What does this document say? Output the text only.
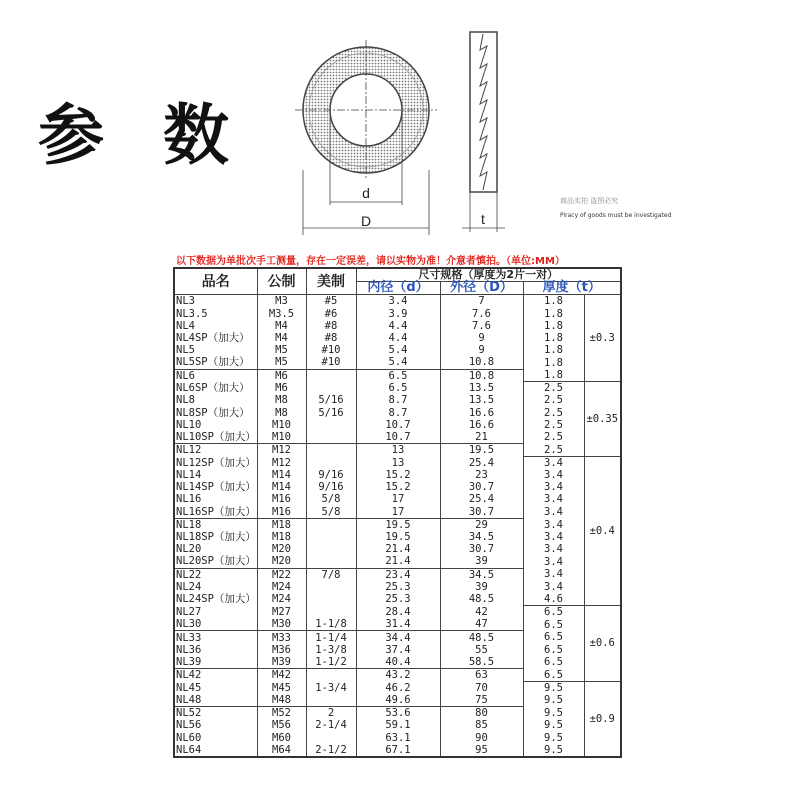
参 数
d
D	t
以下数据为单批次手工测量，存在一定误差，请以实物为准！介意者慎拍。（单位:MM）
品名	公制	美制	尺寸规格（厚度为2片一对）			
			内径（d）	外径（D）	厚度（t）	
NL3	M3	#5	3.4	7	1.8	±0.3
NL3.5	M3.5	#6	3.9	7.6	1.8	
NL4	M4	#8	4.4	7.6	1.8	
NL4SP（加大）	M4	#8	4.4	9	1.8	
NL5	M5	#10	5.4	9	1.8	
NL5SP（加大）	M5	#10	5.4	10.8	1.8	
NL6	M6		6.5	10.8	1.8	
NL6SP（加大）	M6		6.5	13.5	2.5	±0.35
NL8	M8	5/16	8.7	13.5	2.5	
NL8SP（加大）	M8	5/16	8.7	16.6	2.5	
NL10	M10		10.7	16.6	2.5	
NL10SP（加大）	M10		10.7	21	2.5	
NL12	M12		13	19.5	2.5	
NL12SP（加大）	M12		13	25.4	3.4	±0.4
NL14	M14	9/16	15.2	23	3.4	
NL14SP（加大）	M14	9/16	15.2	30.7	3.4	
NL16	M16	5/8	17	25.4	3.4	
NL16SP（加大）	M16	5/8	17	30.7	3.4	
NL18	M18		19.5	29	3.4	
NL18SP（加大）	M18		19.5	34.5	3.4	
NL20	M20		21.4	30.7	3.4	
NL20SP（加大）	M20		21.4	39	3.4	
NL22	M22	7/8	23.4	34.5	3.4	
NL24	M24		25.3	39	3.4	
NL24SP（加大）	M24		25.3	48.5	4.6	
NL27	M27		28.4	42	6.5	±0.6
NL30	M30	1-1/8	31.4	47	6.5	
NL33	M33	1-1/4	34.4	48.5	6.5	
NL36	M36	1-3/8	37.4	55	6.5	
NL39	M39	1-1/2	40.4	58.5	6.5	
NL42	M42		43.2	63	6.5	
NL45	M45	1-3/4	46.2	70	9.5	±0.9
NL48	M48		49.6	75	9.5	
NL52	M52	2	53.6	80	9.5	
NL56	M56	2-1/4	59.1	85	9.5	
NL60	M60		63.1	90	9.5	
NL64	M64	2-1/2	67.1	95	9.5	
商品实拍 盗图必究
Piracy of goods must be investigated
